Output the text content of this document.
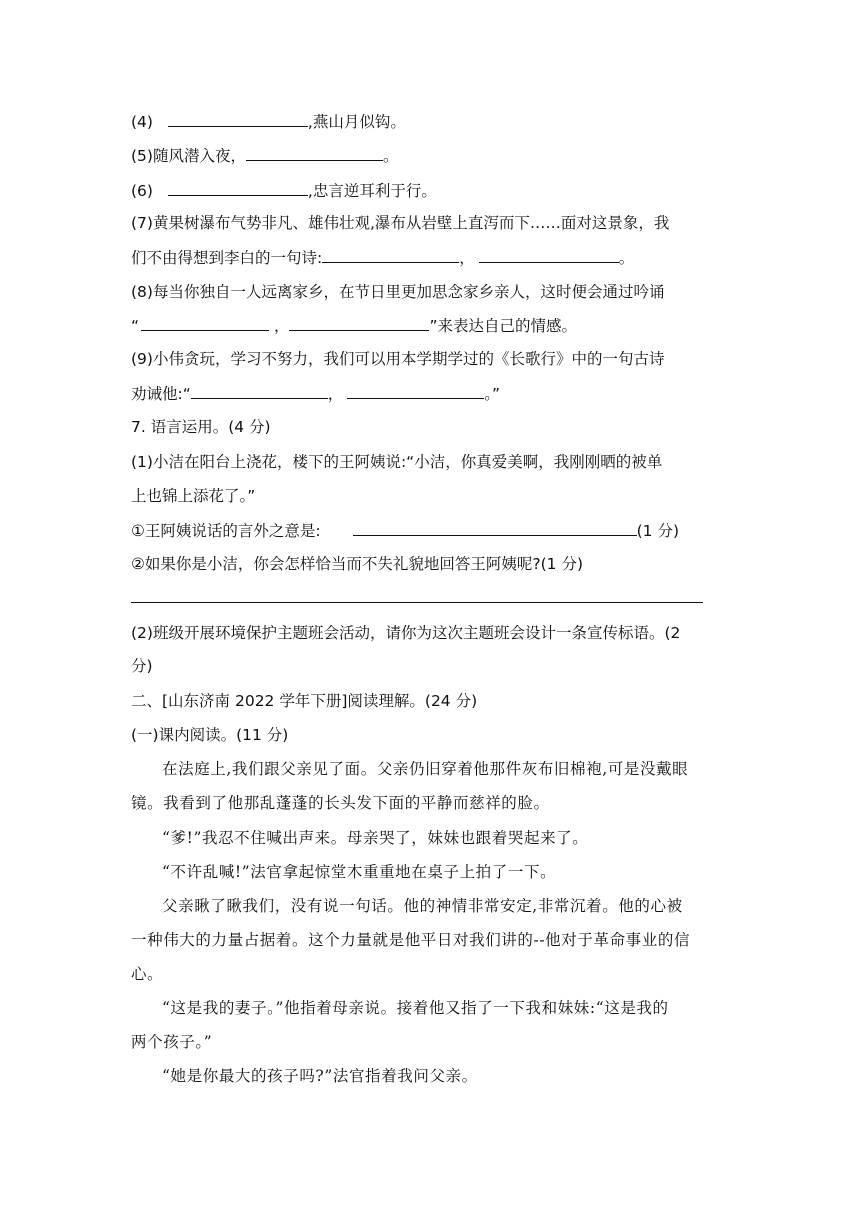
(4)	,燕山月似钩。
(5)随风潜入夜，	。
(6)	,忠言逆耳利于行。
(7)黄果树瀑布气势非凡、雄伟壮观,瀑布从岩壁上直泻而下……面对这景象，我
们不由得想到李白的一句诗:	，	。
(8)每当你独自一人远离家乡，在节日里更加思念家乡亲人，这时便会通过吟诵
“	，	”来表达自己的情感。
(9)小伟贪玩，学习不努力，我们可以用本学期学过的《长歌行》中的一句古诗
劝诫他:“	，	。”
7. 语言运用。(4 分)
(1)小洁在阳台上浇花，楼下的王阿姨说:“小洁，你真爱美啊，我刚刚晒的被单
上也锦上添花了。”
①王阿姨说话的言外之意是:	(1 分)
②如果你是小洁，你会怎样恰当而不失礼貌地回答王阿姨呢?(1 分)
(2)班级开展环境保护主题班会活动，请你为这次主题班会设计一条宣传标语。(2
分)
二、[山东济南 2022 学年下册]阅读理解。(24 分)
(一)课内阅读。(11 分)
在法庭上,我们跟父亲见了面。父亲仍旧穿着他那件灰布旧棉袍,可是没戴眼
镜。我看到了他那乱蓬蓬的长头发下面的平静而慈祥的脸。
“爹!”我忍不住喊出声来。母亲哭了，妹妹也跟着哭起来了。
“不许乱喊!”法官拿起惊堂木重重地在桌子上拍了一下。
父亲瞅了瞅我们，没有说一句话。他的神情非常安定,非常沉着。他的心被
一种伟大的力量占据着。这个力量就是他平日对我们讲的--他对于革命事业的信
心。
“这是我的妻子。”他指着母亲说。接着他又指了一下我和妹妹:“这是我的
两个孩子。”
“她是你最大的孩子吗?”法官指着我问父亲。
